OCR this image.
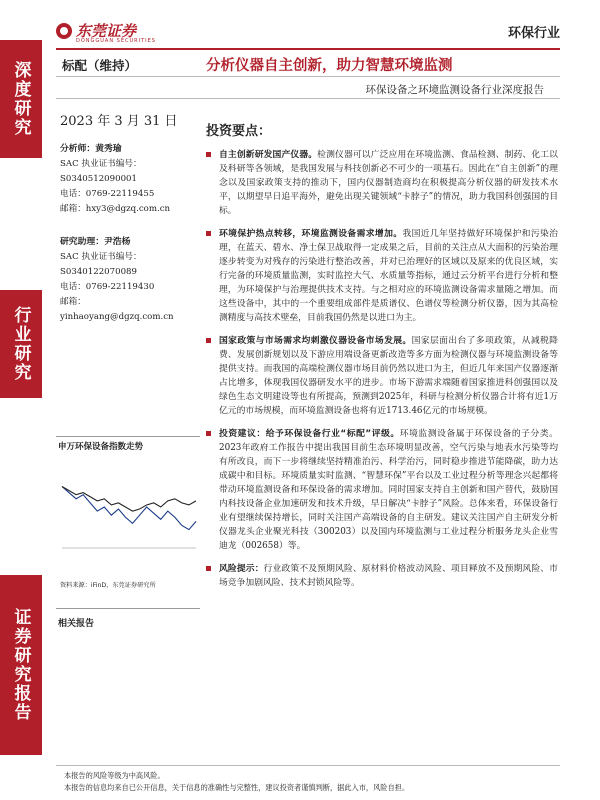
深度研究
行业研究
证券研究报告
东莞证券
DONGGUAN SECURITIES	环保行业
标配（维持）	分析仪器自主创新，助力智慧环境监测
环保设备之环境监测设备行业深度报告
2023 年 3 月 31 日
分析师：黄秀瑜
SAC 执业证书编号：
S0340512090001
电话：0769-22119455
邮箱：hxy3@dgzq.com.cn
研究助理：尹浩杨
SAC 执业证书编号：
S0340122070089
电话：0769-22119430
邮箱：
yinhaoyang@dgzq.com.cn
申万环保设备指数走势
资料来源：iFinD，东莞证券研究所
相关报告
投资要点：
自主创新研发国产仪器。检测仪器可以广泛应用在环境监测、食品检测、制药、化工以及科研等各领域，是我国发展与科技创新必不可少的一项基石。因此在“自主创新”的理念以及国家政策支持的推动下，国内仪器制造商均在积极提高分析仪器的研发技术水平，以期望早日追平海外，避免出现关键领域“卡脖子”的情况，助力我国科创强国的目标。
环境保护热点转移，环境监测设备需求增加。我国近几年坚持做好环境保护和污染治理，在蓝天、碧水、净土保卫战取得一定成果之后，目前的关注点从大面积的污染治理逐步转变为对残存的污染进行整治改善，并对已治理好的区域以及原来的优良区域，实行完备的环境质量监测，实时监控大气、水质量等指标，通过云分析平台进行分析和整理，为环境保护与治理提供技术支持。与之相对应的环境监测设备需求量随之增加。而这些设备中，其中的一个重要组成部件是质谱仪、色谱仪等检测分析仪器，因为其高检测精度与高技术壁垒，目前我国仍然是以进口为主。
国家政策与市场需求均刺激仪器设备市场发展。国家层面出台了多项政策，从减税降费、发展创新规划以及下游应用端设备更新改造等多方面为检测仪器与环境监测设备等提供支持。而我国的高端检测仪器市场目前仍然以进口为主，但近几年来国产仪器逐渐占比增多，体现我国仪器研发水平的进步。市场下游需求端随着国家推进科创强国以及绿色生态文明建设等也有所提高，预测到2025年，科研与检测分析仪器合计将有近1万亿元的市场规模，而环境监测设备也将有近1713.46亿元的市场规模。
投资建议：给予环保设备行业“标配”评级。环境监测设备属于环保设备的子分类。2023年政府工作报告中提出我国目前生态环境明显改善，空气污染与地表水污染等均有所改良，而下一步将继续坚持精准治污、科学治污，同时稳步推进节能降碳，助力达成碳中和目标。环境质量实时监测、“智慧环保”平台以及工业过程分析等理念兴起都将带动环境监测设备和环保设备的需求增加。同时国家支持自主创新和国产替代，鼓励国内科技设备企业加速研发和技术升级，早日解决“卡脖子”风险。总体来看，环保设备行业有望继续保持增长，同时关注国产高端设备的自主研发。建议关注国产自主研发分析仪器龙头企业聚光科技（300203）以及国内环境监测与工业过程分析服务龙头企业雪迪龙（002658）等。
风险提示：行业政策不及预期风险、原材料价格波动风险、项目释放不及预期风险、市场竞争加剧风险、技术封锁风险等。
本报告的风险等级为中高风险。
本报告的信息均来自已公开信息，关于信息的准确性与完整性，建议投资者谨慎判断，据此入市，风险自担。
